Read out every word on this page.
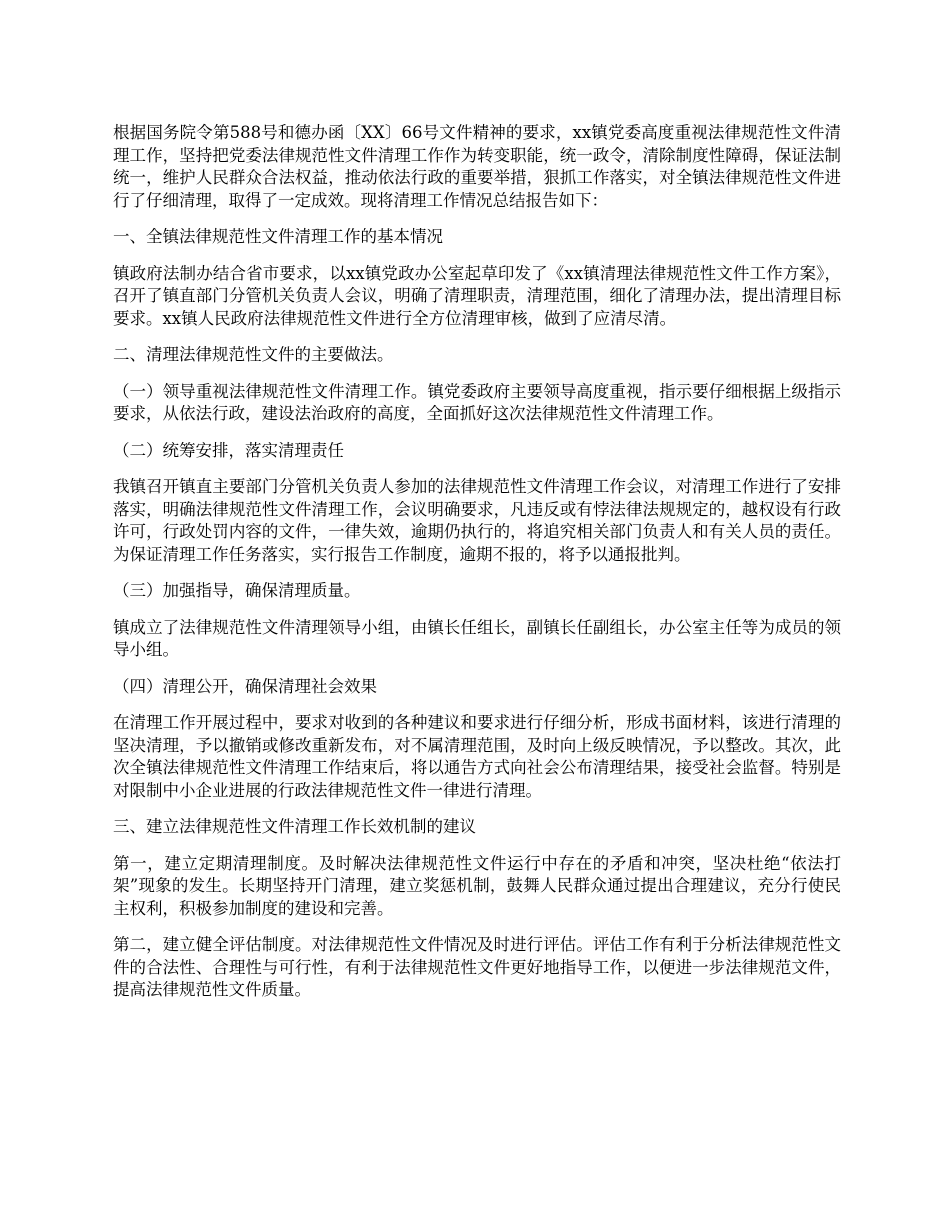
根据国务院令第588号和德办函〔XX〕66号文件精神的要求，xx镇党委高度重视法律规范性文件清理工作，坚持把党委法律规范性文件清理工作作为转变职能，统一政令，清除制度性障碍，保证法制统一，维护人民群众合法权益，推动依法行政的重要举措，狠抓工作落实，对全镇法律规范性文件进行了仔细清理，取得了一定成效。现将清理工作情况总结报告如下：

一、全镇法律规范性文件清理工作的基本情况

镇政府法制办结合省市要求，以xx镇党政办公室起草印发了《xx镇清理法律规范性文件工作方案》，召开了镇直部门分管机关负责人会议，明确了清理职责，清理范围，细化了清理办法，提出清理目标要求。xx镇人民政府法律规范性文件进行全方位清理审核，做到了应清尽清。

二、清理法律规范性文件的主要做法。

（一）领导重视法律规范性文件清理工作。镇党委政府主要领导高度重视，指示要仔细根据上级指示要求，从依法行政，建设法治政府的高度，全面抓好这次法律规范性文件清理工作。

（二）统筹安排，落实清理责任

我镇召开镇直主要部门分管机关负责人参加的法律规范性文件清理工作会议，对清理工作进行了安排落实，明确法律规范性文件清理工作，会议明确要求，凡违反或有悖法律法规规定的，越权设有行政许可，行政处罚内容的文件，一律失效，逾期仍执行的，将追究相关部门负责人和有关人员的责任。为保证清理工作任务落实，实行报告工作制度，逾期不报的，将予以通报批判。

（三）加强指导，确保清理质量。

镇成立了法律规范性文件清理领导小组，由镇长任组长，副镇长任副组长，办公室主任等为成员的领导小组。

（四）清理公开，确保清理社会效果

在清理工作开展过程中，要求对收到的各种建议和要求进行仔细分析，形成书面材料，该进行清理的坚决清理，予以撤销或修改重新发布，对不属清理范围，及时向上级反映情况，予以整改。其次，此次全镇法律规范性文件清理工作结束后，将以通告方式向社会公布清理结果，接受社会监督。特别是对限制中小企业进展的行政法律规范性文件一律进行清理。

三、建立法律规范性文件清理工作长效机制的建议

第一，建立定期清理制度。及时解决法律规范性文件运行中存在的矛盾和冲突，坚决杜绝“依法打架”现象的发生。长期坚持开门清理，建立奖惩机制，鼓舞人民群众通过提出合理建议，充分行使民主权利，积极参加制度的建设和完善。

第二，建立健全评估制度。对法律规范性文件情况及时进行评估。评估工作有利于分析法律规范性文件的合法性、合理性与可行性，有利于法律规范性文件更好地指导工作，以便进一步法律规范文件，提高法律规范性文件质量。
